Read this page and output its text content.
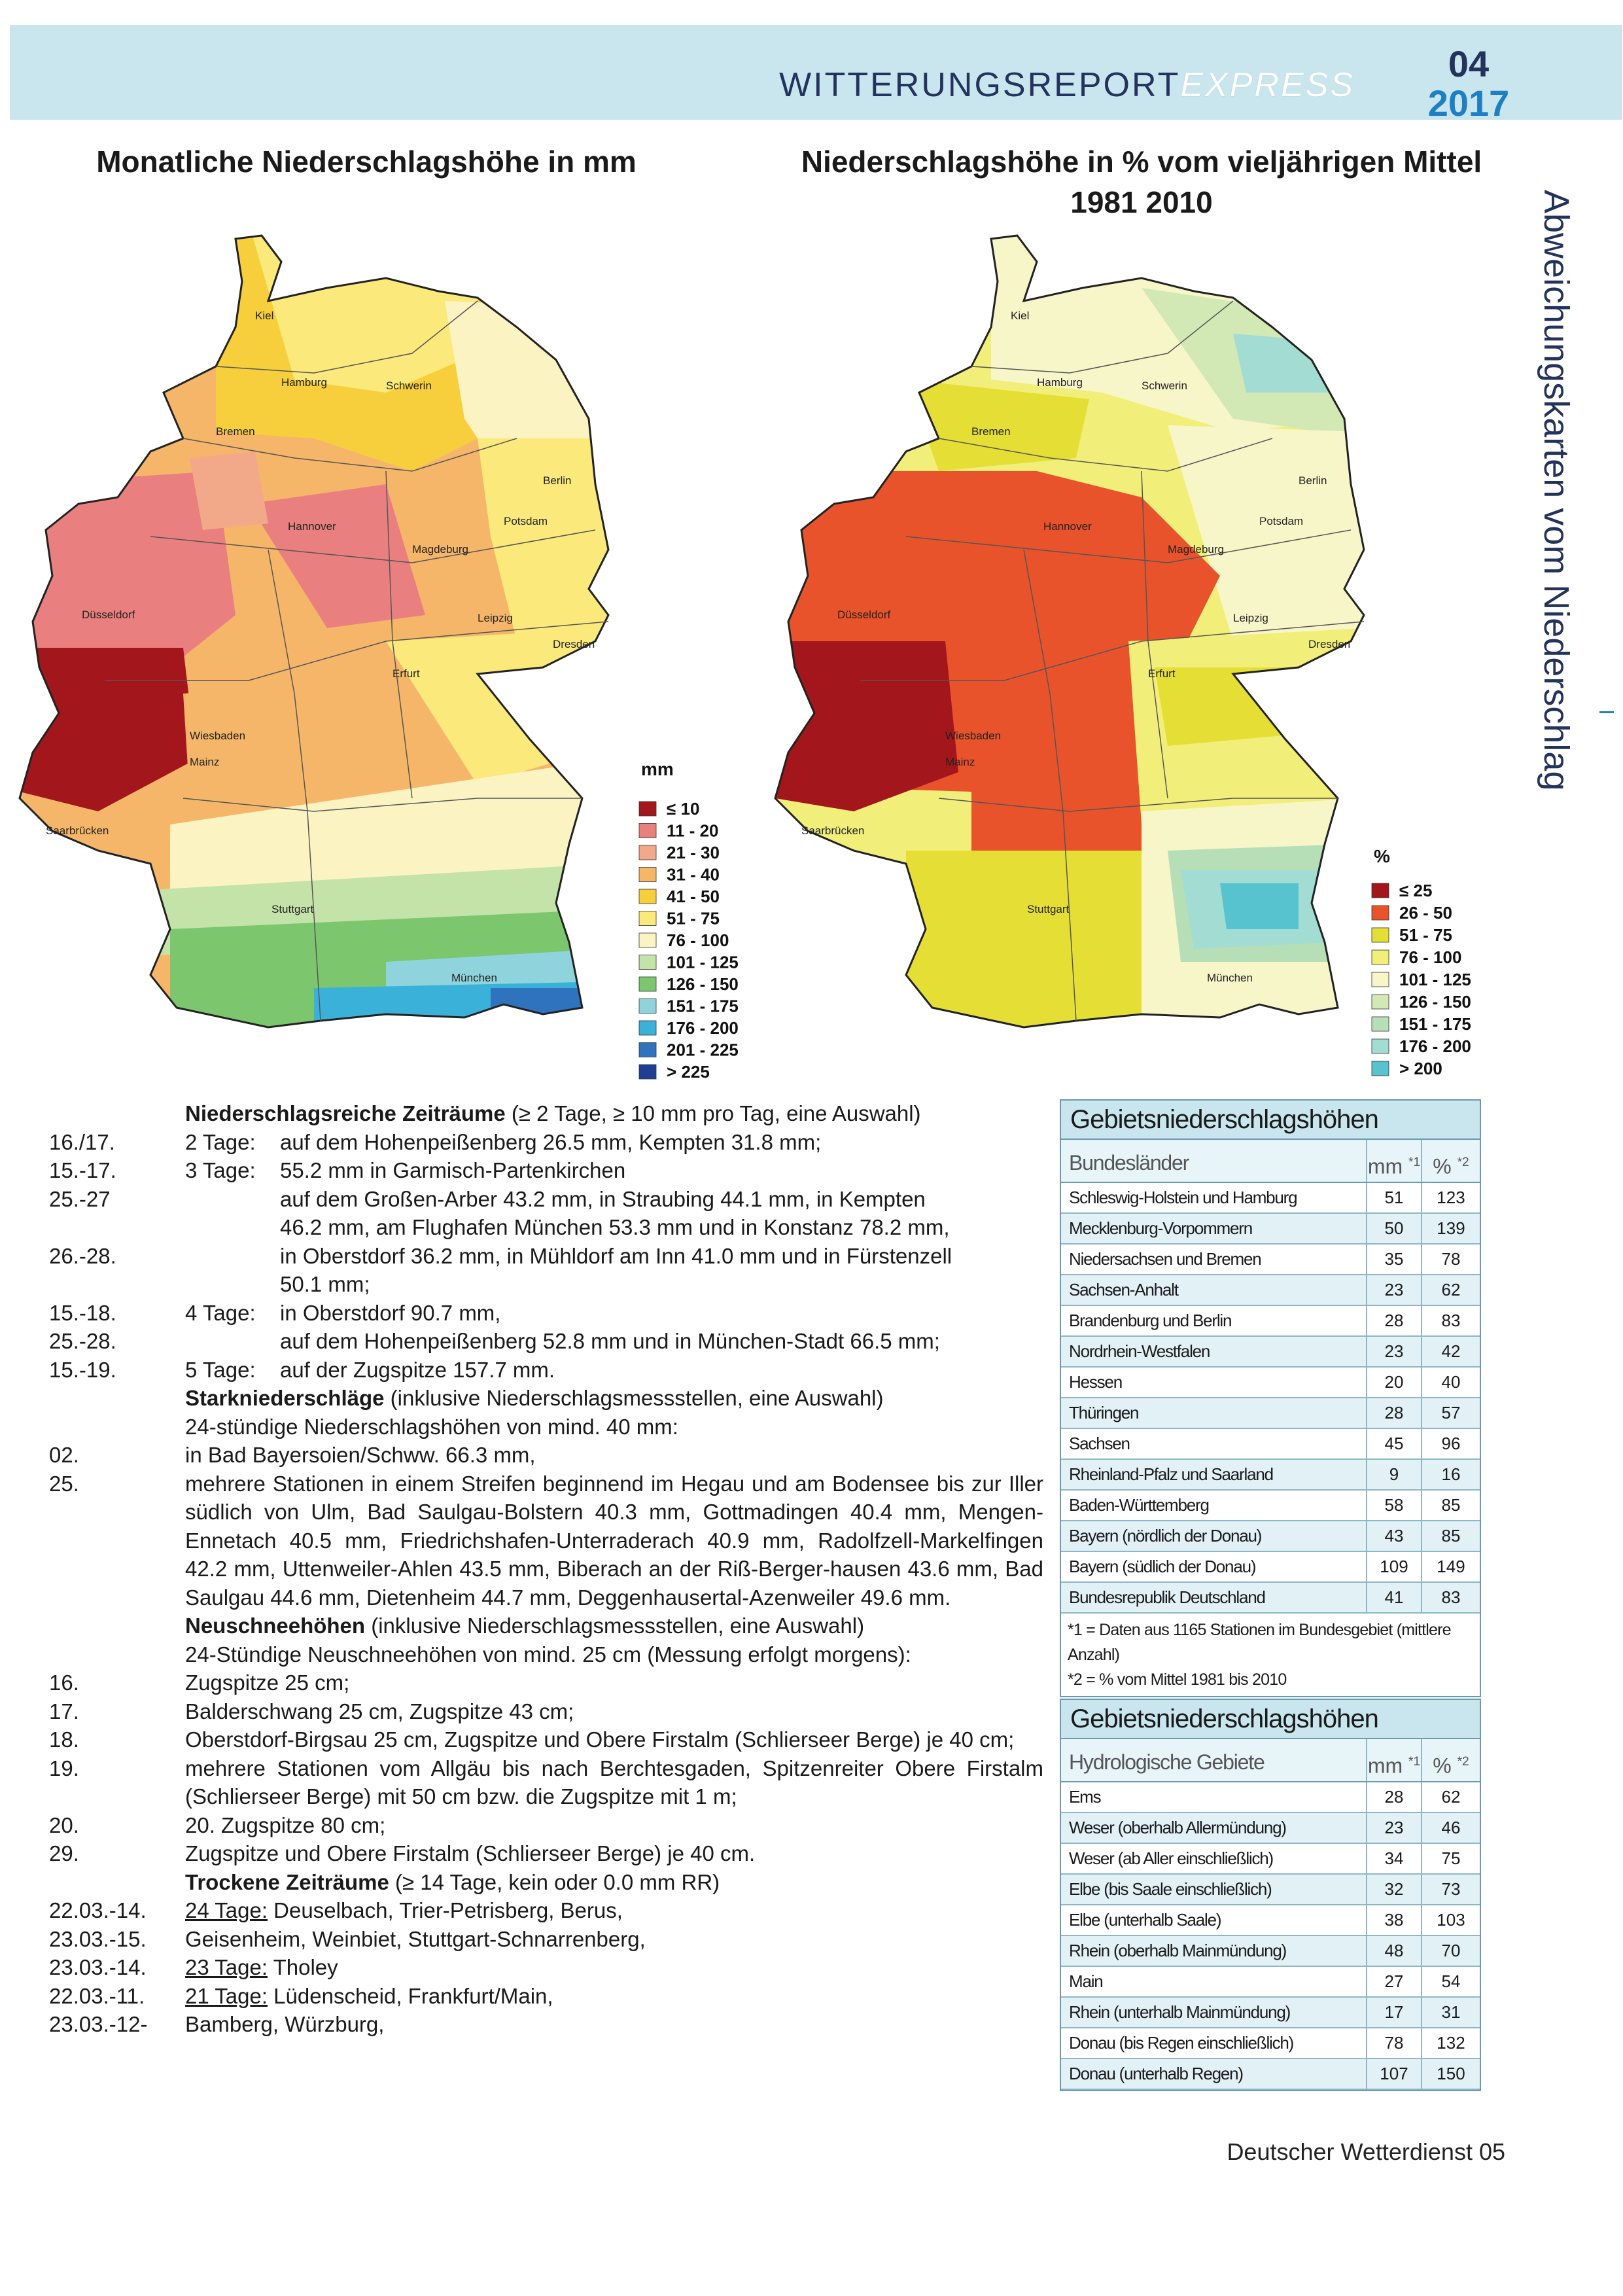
WITTERUNGSREPORTEXPRESS
04
2017
Monatliche Niederschlagshöhe in mm	Niederschlagshöhe in % vom vieljährigen Mittel
1981 2010	Abweichungskarten vom Niederschlag
Kiel
Hamburg	Schwerin
Bremen
Berlin
Hannover	Potsdam
Magdeburg
Düsseldorf	Leipzig
Dresden
Erfurt
Wiesbaden
Mainz
Saarbrücken
Stuttgart
München
mm
≤ 10
11 - 20
21 - 30
31 - 40
41 - 50
51 - 75
76 - 100
101 - 125
126 - 150
151 - 175
176 - 200
201 - 225
> 225
Kiel
Hamburg	Schwerin
Bremen
Berlin
Hannover	Potsdam
Magdeburg
Düsseldorf	Leipzig
Dresden
Erfurt
Wiesbaden
Mainz
Saarbrücken
Stuttgart
München
%
≤ 25
26 - 50
51 - 75
76 - 100
101 - 125
126 - 150
151 - 175
176 - 200
> 200
Niederschlagsreiche Zeiträume (≥ 2 Tage, ≥ 10 mm pro Tag, eine Auswahl)
16./17.	2 Tage: auf dem Hohenpeißenberg 26.5 mm, Kempten 31.8 mm;
15.-17.	3 Tage: 55.2 mm in Garmisch-Partenkirchen
25.-27	auf dem Großen-Arber 43.2 mm, in Straubing 44.1 mm, in Kempten
46.2 mm, am Flughafen München 53.3 mm und in Konstanz 78.2 mm,
26.-28.	in Oberstdorf 36.2 mm, in Mühldorf am Inn 41.0 mm und in Fürstenzell
50.1 mm;
15.-18.	4 Tage: in Oberstdorf 90.7 mm,
25.-28.	auf dem Hohenpeißenberg 52.8 mm und in München-Stadt 66.5 mm;
15.-19.	5 Tage: auf der Zugspitze 157.7 mm.
Starkniederschläge (inklusive Niederschlagsmessstellen, eine Auswahl)
24-stündige Niederschlagshöhen von mind. 40 mm:
02.	in Bad Bayersoien/Schww. 66.3 mm,
25.	mehrere Stationen in einem Streifen beginnend im Hegau und am Bodensee bis zur Iller südlich von Ulm, Bad Saulgau-Bolstern 40.3 mm, Gottmadingen 40.4 mm, Mengen-Ennetach 40.5 mm, Friedrichshafen-Unterraderach 40.9 mm, Radolfzell-Markelfingen 42.2 mm, Uttenweiler-Ahlen 43.5 mm, Biberach an der Riß-Berger-hausen 43.6 mm, Bad Saulgau 44.6 mm, Dietenheim 44.7 mm, Deggenhausertal-Azenweiler 49.6 mm.
Neuschneehöhen (inklusive Niederschlagsmessstellen, eine Auswahl)
24-Stündige Neuschneehöhen von mind. 25 cm (Messung erfolgt morgens):
16.	Zugspitze 25 cm;
17.	Balderschwang 25 cm, Zugspitze 43 cm;
18.	Oberstdorf-Birgsau 25 cm, Zugspitze und Obere Firstalm (Schlierseer Berge) je 40 cm;
19.	mehrere Stationen vom Allgäu bis nach Berchtesgaden, Spitzenreiter Obere Firstalm (Schlierseer Berge) mit 50 cm bzw. die Zugspitze mit 1 m;
20.	20. Zugspitze 80 cm;
29.	Zugspitze und Obere Firstalm (Schlierseer Berge) je 40 cm.
Trockene Zeiträume (≥ 14 Tage, kein oder 0.0 mm RR)
22.03.-14.	24 Tage: Deuselbach, Trier-Petrisberg, Berus,
23.03.-15.	Geisenheim, Weinbiet, Stuttgart-Schnarrenberg,
23.03.-14.	23 Tage: Tholey
22.03.-11.	21 Tage: Lüdenscheid, Frankfurt/Main,
23.03.-12-	Bamberg, Würzburg,
Gebietsniederschlagshöhen
Bundesländer	mm $^{*1}$ % $^{*2}$
Schleswig-Holstein und Hamburg	51	123
Mecklenburg-Vorpommern	50	139
Niedersachsen und Bremen	35	78
Sachsen-Anhalt	23	62
Brandenburg und Berlin	28	83
Nordrhein-Westfalen	23	42
Hessen	20	40
Thüringen	28	57
Sachsen	45	96
Rheinland-Pfalz und Saarland	9	16
Baden-Württemberg	58	85
Bayern (nördlich der Donau)	43	85
Bayern (südlich der Donau)	109	149
Bundesrepublik Deutschland	41	83
*1 = Daten aus 1165 Stationen im Bundesgebiet (mittlere Anzahl)
*2 = % vom Mittel 1981 bis 2010
Gebietsniederschlagshöhen
Hydrologische Gebiete	mm $^{*1}$ % $^{*2}$
Ems	28	62
Weser (oberhalb Allermündung)	23	46
Weser (ab Aller einschließlich)	34	75
Elbe (bis Saale einschließlich)	32	73
Elbe (unterhalb Saale)	38	103
Rhein (oberhalb Mainmündung)	48	70
Main	27	54
Rhein (unterhalb Mainmündung)	17	31
Donau (bis Regen einschließlich)	78	132
Donau (unterhalb Regen)	107	150
Deutscher Wetterdienst 05
